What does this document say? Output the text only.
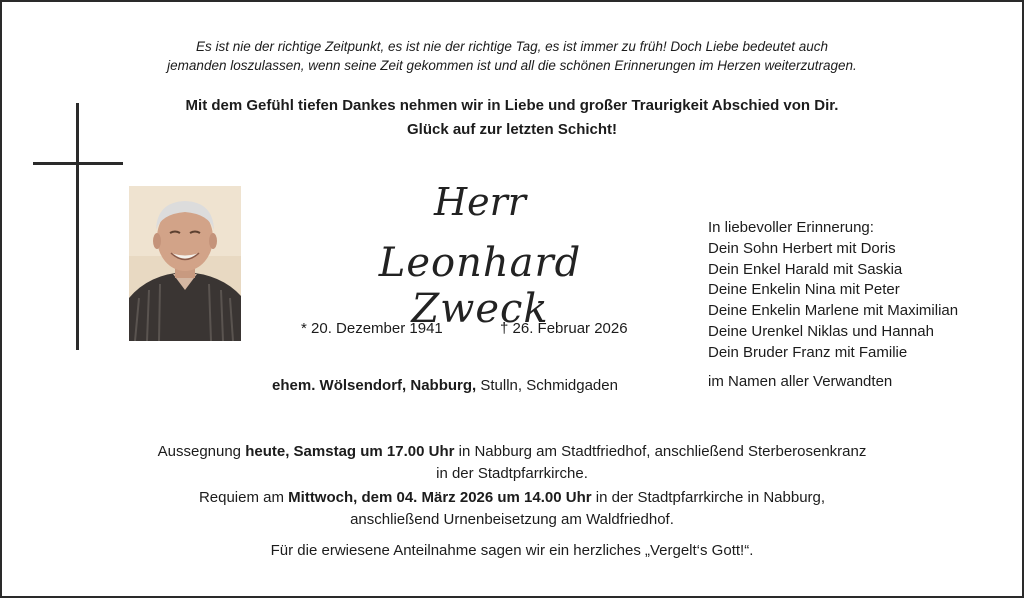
Es ist nie der richtige Zeitpunkt, es ist nie der richtige Tag, es ist immer zu früh! Doch Liebe bedeutet auch
jemanden loszulassen, wenn seine Zeit gekommen ist und all die schönen Erinnerungen im Herzen weiterzutragen.
Mit dem Gefühl tiefen Dankes nehmen wir in Liebe und großer Traurigkeit Abschied von Dir.
Glück auf zur letzten Schicht!
Herr
Leonhard Zweck
* 20. Dezember 1941	† 26. Februar 2026
ehem. Wölsendorf, Nabburg, Stulln, Schmidgaden
In liebevoller Erinnerung:
Dein Sohn Herbert mit Doris
Dein Enkel Harald mit Saskia
Deine Enkelin Nina mit Peter
Deine Enkelin Marlene mit Maximilian
Deine Urenkel Niklas und Hannah
Dein Bruder Franz mit Familie
im Namen aller Verwandten
Aussegnung heute, Samstag um 17.00 Uhr in Nabburg am Stadtfriedhof, anschließend Sterberosenkranz
in der Stadtpfarrkirche.
Requiem am Mittwoch, dem 04. März 2026 um 14.00 Uhr in der Stadtpfarrkirche in Nabburg,
anschließend Urnenbeisetzung am Waldfriedhof.
Für die erwiesene Anteilnahme sagen wir ein herzliches „Vergelt‘s Gott!“.
